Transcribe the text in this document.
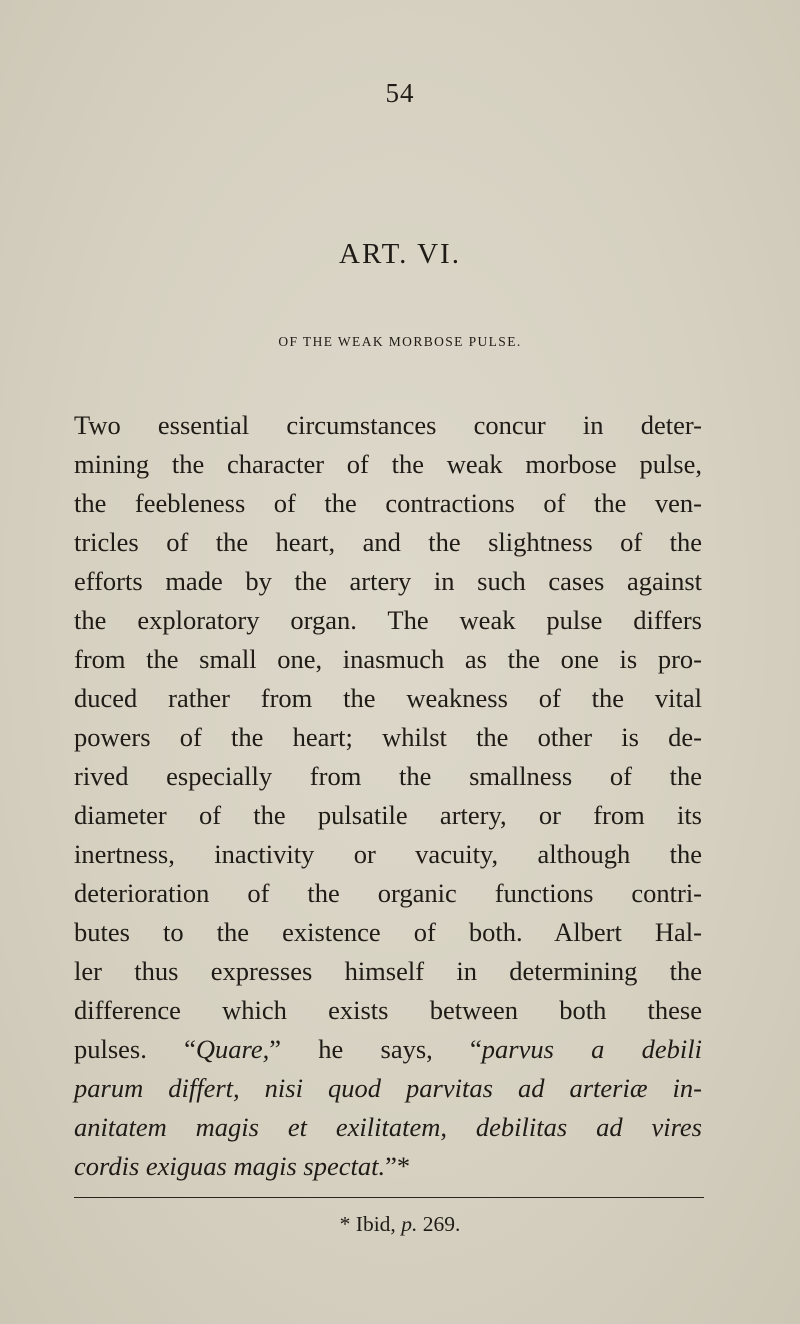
54
ART. VI.
OF THE WEAK MORBOSE PULSE.
Two essential circumstances concur in deter-
mining the character of the weak morbose pulse,
the feebleness of the contractions of the ven-
tricles of the heart, and the slightness of the
efforts made by the artery in such cases against
the exploratory organ. The weak pulse differs
from the small one, inasmuch as the one is pro-
duced rather from the weakness of the vital
powers of the heart; whilst the other is de-
rived especially from the smallness of the
diameter of the pulsatile artery, or from its
inertness, inactivity or vacuity, although the
deterioration of the organic functions contri-
butes to the existence of both. Albert Hal-
ler thus expresses himself in determining the
difference which exists between both these
pulses. “Quare,” he says, “parvus a debili
parum differt, nisi quod parvitas ad arteriæ in-
anitatem magis et exilitatem, debilitas ad vires
cordis exiguas magis spectat.”*
* Ibid, p. 269.
